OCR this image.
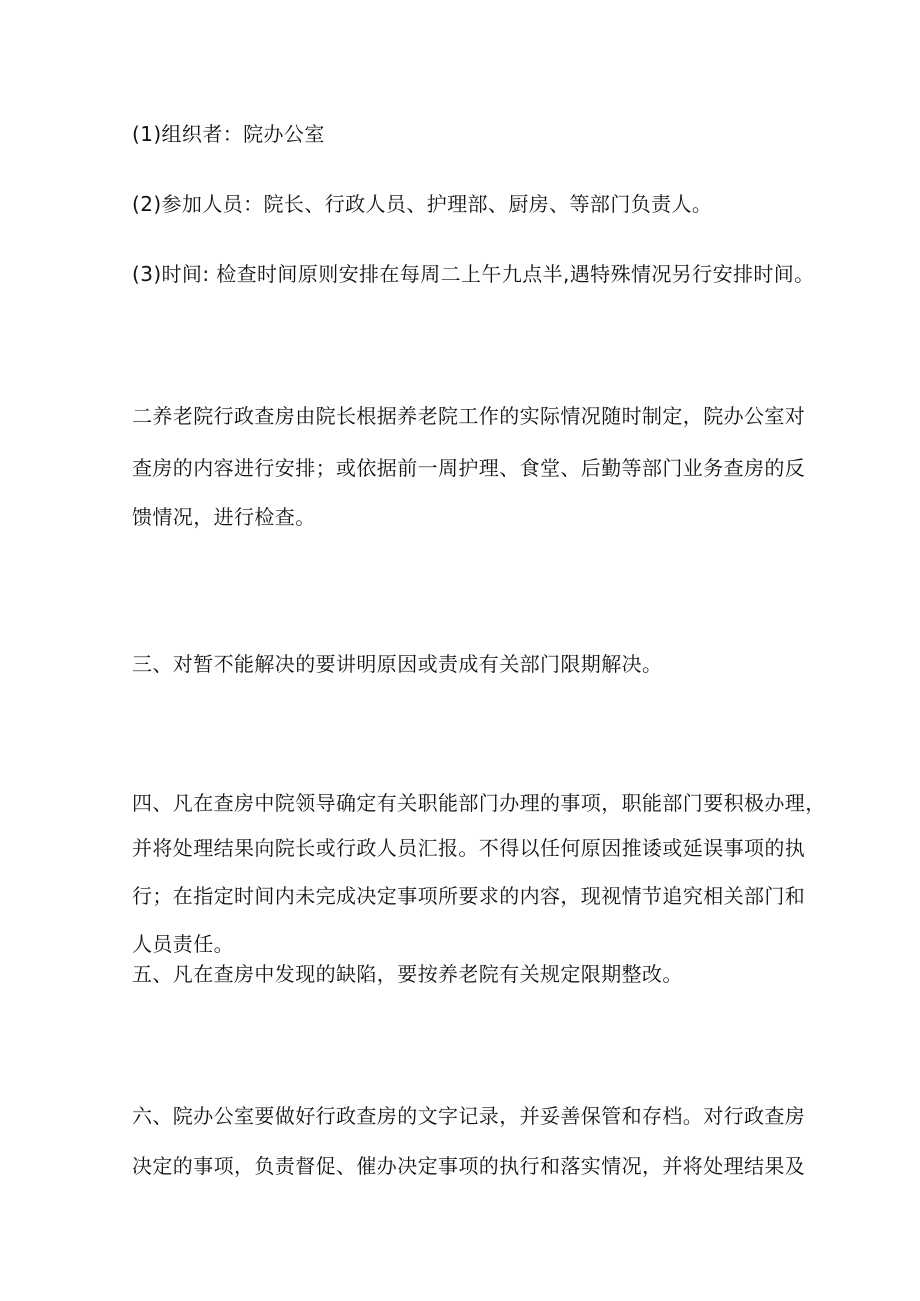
(1)组织者：院办公室
(2)参加人员：院长、行政人员、护理部、厨房、等部门负责人。
(3)时间: 检查时间原则安排在每周二上午九点半,遇特殊情况另行安排时间。
二养老院行政查房由院长根据养老院工作的实际情况随时制定，院办公室对
查房的内容进行安排；或依据前一周护理、食堂、后勤等部门业务查房的反
馈情况，进行检查。
三、对暂不能解决的要讲明原因或责成有关部门限期解决。
四、凡在查房中院领导确定有关职能部门办理的事项，职能部门要积极办理，
并将处理结果向院长或行政人员汇报。不得以任何原因推诿或延误事项的执
行；在指定时间内未完成决定事项所要求的内容，现视情节追究相关部门和
人员责任。
五、凡在查房中发现的缺陷，要按养老院有关规定限期整改。
六、院办公室要做好行政查房的文字记录，并妥善保管和存档。对行政查房
决定的事项，负责督促、催办决定事项的执行和落实情况，并将处理结果及
